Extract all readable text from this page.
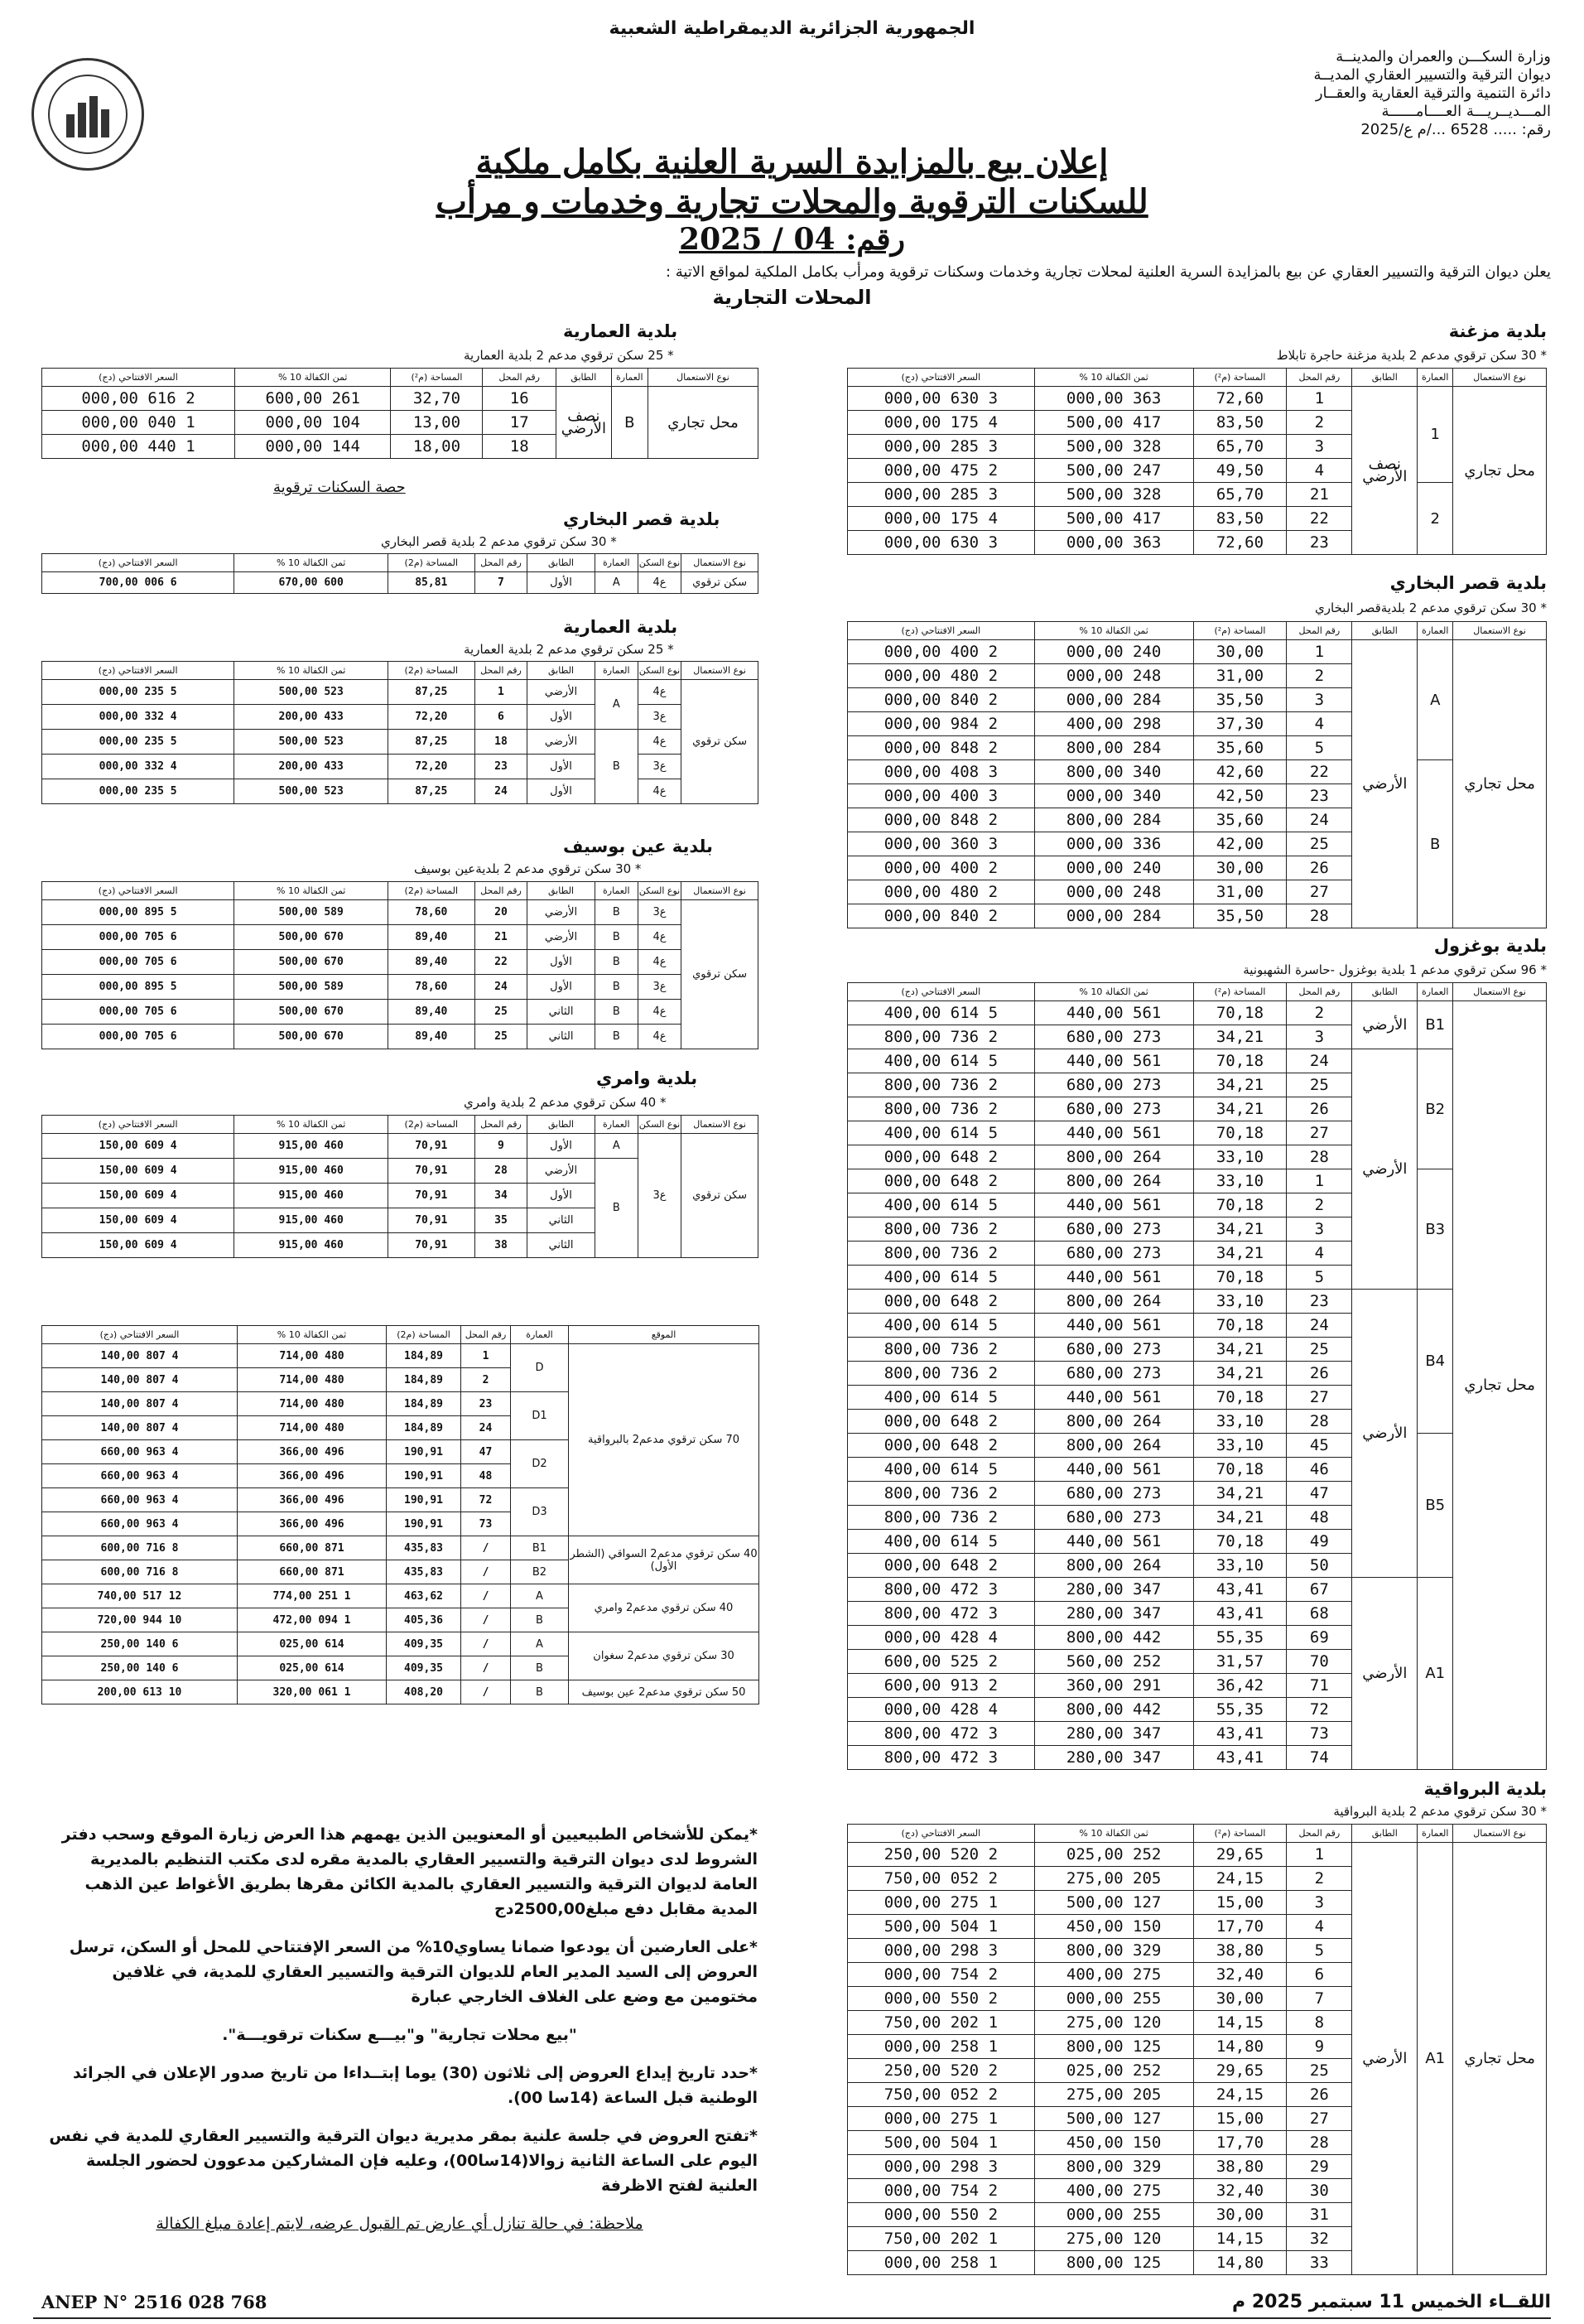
الجمهورية الجزائرية الديمقراطية الشعبية
وزارة السكـــن والعمران والمدينــة
ديوان الترقية والتسيير العقاري المديــة
دائرة التنمية والترقية العقارية والعقــار
المـــديــريـــة العــــامــــــة
رقم: ..... 6528 .../م ع/2025
إعلان بيع بالمزايدة السرية العلنية بكامل ملكية
للسكنات الترقوية والمحلات تجارية وخدمات و مرأب
رقم: 04 / 2025
يعلن ديوان الترقية والتسيير العقاري عن بيع بالمزايدة السرية العلنية لمحلات تجارية وخدمات وسكنات ترقوية ومرأب بكامل الملكية لمواقع الاتية :
المحلات التجارية
بلدية مزغنة
* 30 سكن ترقوي مدعم 2 بلدية مزغنة حاجرة تابلاط
نوع الاستعمال	العمارة	الطابق	رقم المحل	المساحة (م²)	ثمن الكفالة 10 %	السعر الافتتاحي (دج)
محل تجاري	1	نصف الأرضي	1	72,60	363 000,00	3 630 000,00
			2	83,50	417 500,00	4 175 000,00
			3	65,70	328 500,00	3 285 000,00
			4	49,50	247 500,00	2 475 000,00
	2		21	65,70	328 500,00	3 285 000,00
			22	83,50	417 500,00	4 175 000,00
			23	72,60	363 000,00	3 630 000,00
بلدية قصر البخاري
* 30 سكن ترقوي مدعم 2 بلديةقصر البخاري
نوع الاستعمال	العمارة	الطابق	رقم المحل	المساحة (م²)	ثمن الكفالة 10 %	السعر الافتتاحي (دج)
محل تجاري	A	الأرضي	1	30,00	240 000,00	2 400 000,00
			2	31,00	248 000,00	2 480 000,00
			3	35,50	284 000,00	2 840 000,00
			4	37,30	298 400,00	2 984 000,00
			5	35,60	284 800,00	2 848 000,00
	B		22	42,60	340 800,00	3 408 000,00
			23	42,50	340 000,00	3 400 000,00
			24	35,60	284 800,00	2 848 000,00
			25	42,00	336 000,00	3 360 000,00
			26	30,00	240 000,00	2 400 000,00
			27	31,00	248 000,00	2 480 000,00
			28	35,50	284 000,00	2 840 000,00
بلدية بوغزول
* 96 سكن ترقوي مدعم 1 بلدية بوغزول -حاسرة الشهبونية
نوع الاستعمال	العمارة	الطابق	رقم المحل	المساحة (م²)	ثمن الكفالة 10 %	السعر الافتتاحي (دج)
محل تجاري	B1	الأرضي	2	70,18	561 440,00	5 614 400,00
			3	34,21	273 680,00	2 736 800,00
	B2	الأرضي	24	70,18	561 440,00	5 614 400,00
			25	34,21	273 680,00	2 736 800,00
			26	34,21	273 680,00	2 736 800,00
			27	70,18	561 440,00	5 614 400,00
			28	33,10	264 800,00	2 648 000,00
	B3		1	33,10	264 800,00	2 648 000,00
			2	70,18	561 440,00	5 614 400,00
			3	34,21	273 680,00	2 736 800,00
			4	34,21	273 680,00	2 736 800,00
			5	70,18	561 440,00	5 614 400,00
	B4	الأرضي	23	33,10	264 800,00	2 648 000,00
			24	70,18	561 440,00	5 614 400,00
			25	34,21	273 680,00	2 736 800,00
			26	34,21	273 680,00	2 736 800,00
			27	70,18	561 440,00	5 614 400,00
			28	33,10	264 800,00	2 648 000,00
	B5		45	33,10	264 800,00	2 648 000,00
			46	70,18	561 440,00	5 614 400,00
			47	34,21	273 680,00	2 736 800,00
			48	34,21	273 680,00	2 736 800,00
			49	70,18	561 440,00	5 614 400,00
			50	33,10	264 800,00	2 648 000,00
	A1	الأرضي	67	43,41	347 280,00	3 472 800,00
			68	43,41	347 280,00	3 472 800,00
			69	55,35	442 800,00	4 428 000,00
			70	31,57	252 560,00	2 525 600,00
			71	36,42	291 360,00	2 913 600,00
			72	55,35	442 800,00	4 428 000,00
			73	43,41	347 280,00	3 472 800,00
			74	43,41	347 280,00	3 472 800,00
بلدية البرواقية
* 30 سكن ترقوي مدعم 2 بلدية البرواقية
نوع الاستعمال	العمارة	الطابق	رقم المحل	المساحة (م²)	ثمن الكفالة 10 %	السعر الافتتاحي (دج)
محل تجاري	A1	الأرضي	1	29,65	252 025,00	2 520 250,00
			2	24,15	205 275,00	2 052 750,00
			3	15,00	127 500,00	1 275 000,00
			4	17,70	150 450,00	1 504 500,00
			5	38,80	329 800,00	3 298 000,00
			6	32,40	275 400,00	2 754 000,00
			7	30,00	255 000,00	2 550 000,00
			8	14,15	120 275,00	1 202 750,00
			9	14,80	125 800,00	1 258 000,00
			25	29,65	252 025,00	2 520 250,00
			26	24,15	205 275,00	2 052 750,00
			27	15,00	127 500,00	1 275 000,00
			28	17,70	150 450,00	1 504 500,00
			29	38,80	329 800,00	3 298 000,00
			30	32,40	275 400,00	2 754 000,00
			31	30,00	255 000,00	2 550 000,00
			32	14,15	120 275,00	1 202 750,00
			33	14,80	125 800,00	1 258 000,00
بلدية العمارية
* 25 سكن ترقوي مدعم 2 بلدية العمارية
نوع الاستعمال	العمارة	الطابق	رقم المحل	المساحة (م²)	ثمن الكفالة 10 %	السعر الافتتاحي (دج)
محل تجاري	B	نصف الأرضي	16	32,70	261 600,00	2 616 000,00
			17	13,00	104 000,00	1 040 000,00
			18	18,00	144 000,00	1 440 000,00
حصة السكنات ترقوية
بلدية قصر البخاري
* 30 سكن ترقوي مدعم 2 بلدية قصر البخاري
نوع الاستعمال	نوع السكن	العمارة	الطابق	رقم المحل	المساحة (م2)	ثمن الكفالة 10 %	السعر الافتتاحي (دج)
سكن ترقوي	ع4	A	الأول	7	85,81	600 670,00	6 006 700,00
بلدية العمارية
* 25 سكن ترقوي مدعم 2 بلدية العمارية
نوع الاستعمال	نوع السكن	العمارة	الطابق	رقم المحل	المساحة (م2)	ثمن الكفالة 10 %	السعر الافتتاحي (دج)
سكن ترقوي	ع4	A	الأرضي	1	87,25	523 500,00	5 235 000,00
	ع3		الأول	6	72,20	433 200,00	4 332 000,00
	ع4	B	الأرضي	18	87,25	523 500,00	5 235 000,00
	ع3		الأول	23	72,20	433 200,00	4 332 000,00
	ع4		الأول	24	87,25	523 500,00	5 235 000,00
بلدية عين بوسيف
* 30 سكن ترقوي مدعم 2 بلديةعين بوسيف
نوع الاستعمال	نوع السكن	العمارة	الطابق	رقم المحل	المساحة (م2)	ثمن الكفالة 10 %	السعر الافتتاحي (دج)
سكن ترقوي	ع3	B	الأرضي	20	78,60	589 500,00	5 895 000,00
	ع4	B	الأرضي	21	89,40	670 500,00	6 705 000,00
	ع4	B	الأول	22	89,40	670 500,00	6 705 000,00
	ع3	B	الأول	24	78,60	589 500,00	5 895 000,00
	ع4	B	الثاني	25	89,40	670 500,00	6 705 000,00
	ع4	B	الثاني	25	89,40	670 500,00	6 705 000,00
بلدية وامري
* 40 سكن ترقوي مدعم 2 بلدية وامري
نوع الاستعمال	نوع السكن	العمارة	الطابق	رقم المحل	المساحة (م2)	ثمن الكفالة 10 %	السعر الافتتاحي (دج)
سكن ترقوي	ع3	A	الأول	9	70,91	460 915,00	4 609 150,00
		B	الأرضي	28	70,91	460 915,00	4 609 150,00
			الأول	34	70,91	460 915,00	4 609 150,00
			الثاني	35	70,91	460 915,00	4 609 150,00
			الثاني	38	70,91	460 915,00	4 609 150,00
الموقع	العمارة	رقم المحل	المساحة (م2)	ثمن الكفالة 10 %	السعر الافتتاحي (دج)
70 سكن ترقوي مدعم2 بالبرواقية	D	1	184,89	480 714,00	4 807 140,00
		2	184,89	480 714,00	4 807 140,00
	D1	23	184,89	480 714,00	4 807 140,00
		24	184,89	480 714,00	4 807 140,00
	D2	47	190,91	496 366,00	4 963 660,00
		48	190,91	496 366,00	4 963 660,00
	D3	72	190,91	496 366,00	4 963 660,00
		73	190,91	496 366,00	4 963 660,00
40 سكن ترقوي مدعم2 السواقي (الشطر الأول)	B1	/	435,83	871 660,00	8 716 600,00
	B2	/	435,83	871 660,00	8 716 600,00
40 سكن ترقوي مدعم2 وامري	A	/	463,62	1 251 774,00	12 517 740,00
	B	/	405,36	1 094 472,00	10 944 720,00
30 سكن ترقوي مدعم2 سغوان	A	/	409,35	614 025,00	6 140 250,00
	B	/	409,35	614 025,00	6 140 250,00
50 سكن ترقوي مدعم2 عين بوسيف	B	/	408,20	1 061 320,00	10 613 200,00

*يمكن للأشخاص الطبيعيين أو المعنويين الذين يهمهم هذا العرض زيارة الموقع وسحب دفتر الشروط لدى ديوان الترقية والتسيير العقاري بالمدية مقره لدى مكتب التنظيم بالمديرية العامة لديوان الترقية والتسيير العقاري بالمدية الكائن مقرها بطريق الأغواط عين الذهب المدية مقابل دفع مبلغ2500,00دج

*على العارضين أن يودعوا ضمانا يساوي10% من السعر الإفتتاحي للمحل أو السكن، ترسل العروض إلى السيد المدير العام للديوان الترقية والتسيير العقاري للمدية، في غلافين مختومين مع وضع على الغلاف الخارجي عبارة

"بيع محلات تجارية" و"بيـــع سكنات ترقويـــة".

*حدد تاريخ إيداع العروض إلى ثلاثون (30) يوما إبتــداءا من تاريخ صدور الإعلان في الجرائد الوطنية قبل الساعة (14سا 00).

*تفتح العروض في جلسة علنية بمقر مديرية ديوان الترقية والتسيير العقاري للمدية في نفس اليوم على الساعة الثانية زوالا(14سا00)، وعليه فإن المشاركين مدعوون لحضور الجلسة العلنية لفتح الاظرفة

ملاحظة: في حالة تنازل أي عارض تم القبول عرضه، لايتم إعادة مبلغ الكفالة

ANEP N° 2516 028 768	اللقــاء الخميس 11 سبتمبر 2025 م
